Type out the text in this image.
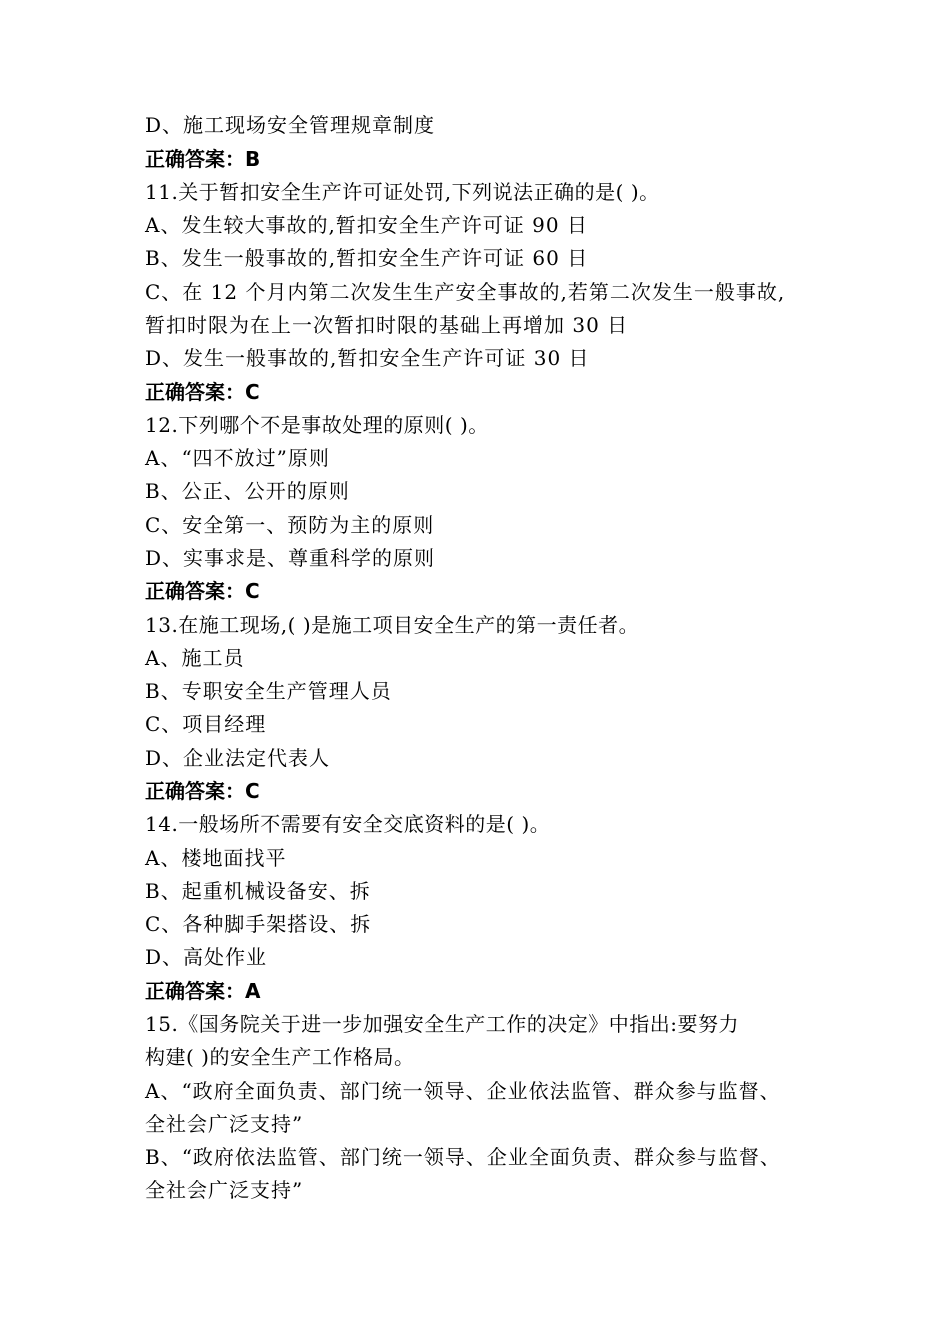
D、施工现场安全管理规章制度
正确答案：B
11.关于暂扣安全生产许可证处罚,下列说法正确的是( )。
A、发生较大事故的,暂扣安全生产许可证 90 日
B、发生一般事故的,暂扣安全生产许可证 60 日
C、在 12 个月内第二次发生生产安全事故的,若第二次发生一般事故,
暂扣时限为在上一次暂扣时限的基础上再增加 30 日
D、发生一般事故的,暂扣安全生产许可证 30 日
正确答案：C
12.下列哪个不是事故处理的原则( )。
A、“四不放过”原则
B、公正、公开的原则
C、安全第一、预防为主的原则
D、实事求是、尊重科学的原则
正确答案：C
13.在施工现场,( )是施工项目安全生产的第一责任者。
A、施工员
B、专职安全生产管理人员
C、项目经理
D、企业法定代表人
正确答案：C
14.一般场所不需要有安全交底资料的是( )。
A、楼地面找平
B、起重机械设备安、拆
C、各种脚手架搭设、拆
D、高处作业
正确答案：A
15.《国务院关于进一步加强安全生产工作的决定》中指出:要努力
构建( )的安全生产工作格局。
A、“政府全面负责、部门统一领导、企业依法监管、群众参与监督、
全社会广泛支持”
B、“政府依法监管、部门统一领导、企业全面负责、群众参与监督、
全社会广泛支持”
